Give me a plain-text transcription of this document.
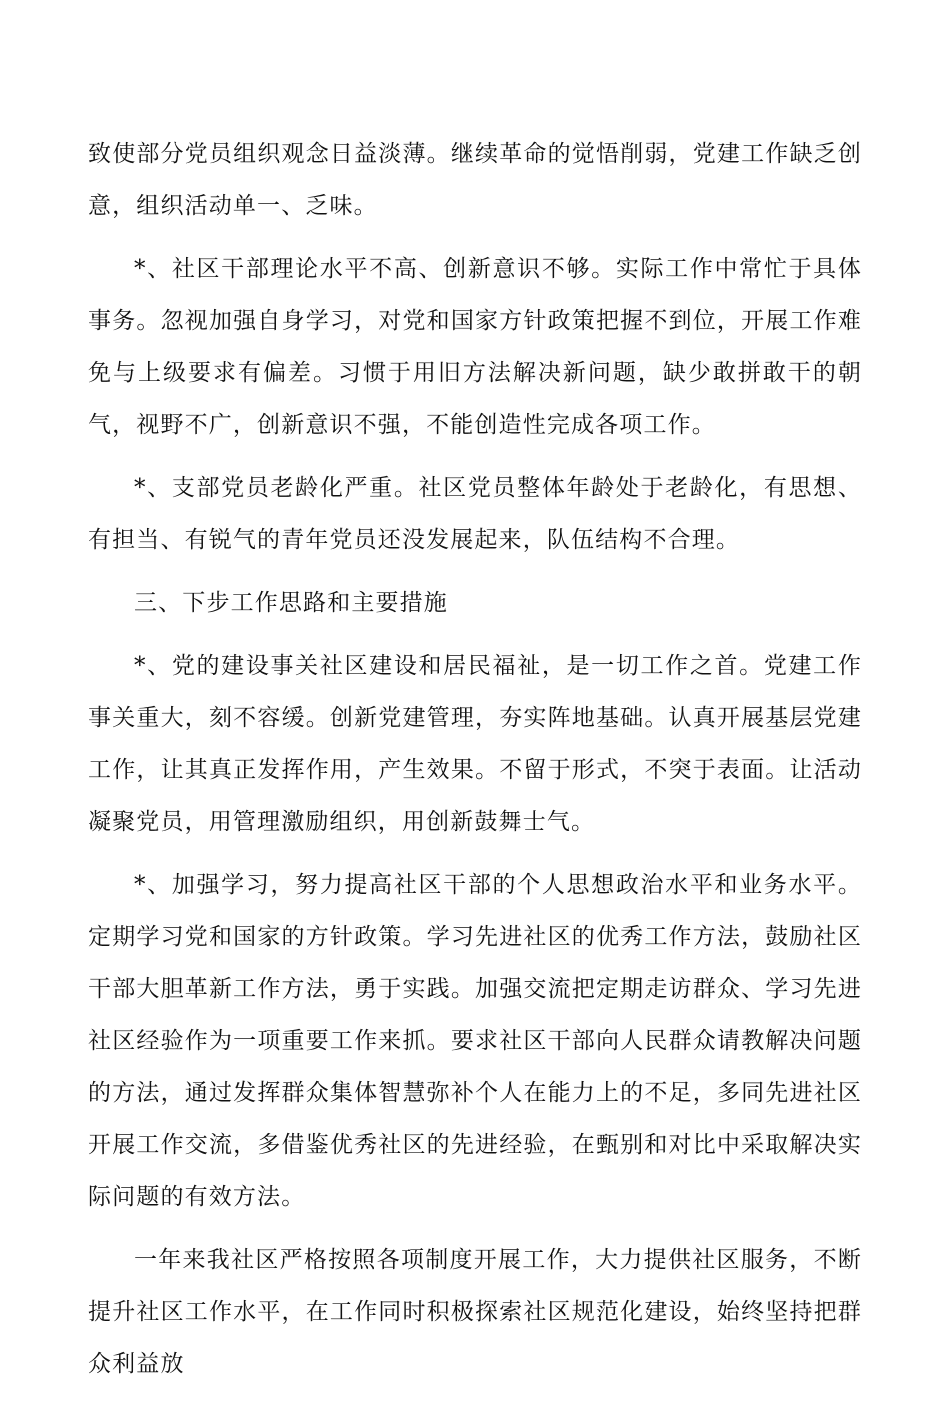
致使部分党员组织观念日益淡薄。继续革命的觉悟削弱，党建工作缺乏创意，组织活动单一、乏味。

*、社区干部理论水平不高、创新意识不够。实际工作中常忙于具体事务。忽视加强自身学习，对党和国家方针政策把握不到位，开展工作难免与上级要求有偏差。习惯于用旧方法解决新问题，缺少敢拼敢干的朝气，视野不广，创新意识不强，不能创造性完成各项工作。

*、支部党员老龄化严重。社区党员整体年龄处于老龄化，有思想、有担当、有锐气的青年党员还没发展起来，队伍结构不合理。

三、下步工作思路和主要措施

*、党的建设事关社区建设和居民福祉，是一切工作之首。党建工作事关重大，刻不容缓。创新党建管理，夯实阵地基础。认真开展基层党建工作，让其真正发挥作用，产生效果。不留于形式，不突于表面。让活动凝聚党员，用管理激励组织，用创新鼓舞士气。

*、加强学习，努力提高社区干部的个人思想政治水平和业务水平。定期学习党和国家的方针政策。学习先进社区的优秀工作方法，鼓励社区干部大胆革新工作方法，勇于实践。加强交流把定期走访群众、学习先进社区经验作为一项重要工作来抓。要求社区干部向人民群众请教解决问题的方法，通过发挥群众集体智慧弥补个人在能力上的不足，多同先进社区开展工作交流，多借鉴优秀社区的先进经验，在甄别和对比中采取解决实际问题的有效方法。

一年来我社区严格按照各项制度开展工作，大力提供社区服务，不断提升社区工作水平，在工作同时积极探索社区规范化建设，始终坚持把群众利益放
